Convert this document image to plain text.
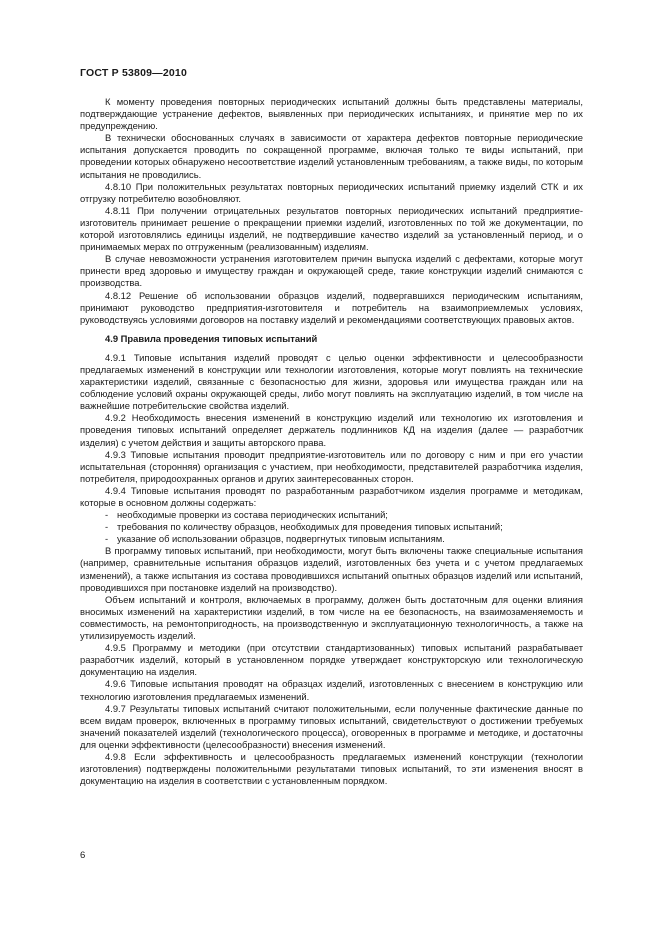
ГОСТ Р 53809—2010

К моменту проведения повторных периодических испытаний должны быть представлены материалы, подтверждающие устранение дефектов, выявленных при периодических испытаниях, и принятие мер по их предупреждению.

В технически обоснованных случаях в зависимости от характера дефектов повторные периодические испытания допускается проводить по сокращенной программе, включая только те виды испытаний, при проведении которых обнаружено несоответствие изделий установленным требованиям, а также виды, по которым испытания не проводились.

4.8.10 При положительных результатах повторных периодических испытаний приемку изделий СТК и их отгрузку потребителю возобновляют.

4.8.11 При получении отрицательных результатов повторных периодических испытаний предприятие-изготовитель принимает решение о прекращении приемки изделий, изготовленных по той же документации, по которой изготовлялись единицы изделий, не подтвердившие качество изделий за установленный период, и о принимаемых мерах по отгруженным (реализованным) изделиям.

В случае невозможности устранения изготовителем причин выпуска изделий с дефектами, которые могут принести вред здоровью и имуществу граждан и окружающей среде, такие конструкции изделий снимаются с производства.

4.8.12 Решение об использовании образцов изделий, подвергавшихся периодическим испытаниям, принимают руководство предприятия-изготовителя и потребитель на взаимоприемлемых условиях, руководствуясь условиями договоров на поставку изделий и рекомендациями соответствующих правовых актов.

4.9 Правила проведения типовых испытаний

4.9.1 Типовые испытания изделий проводят с целью оценки эффективности и целесообразности предлагаемых изменений в конструкции или технологии изготовления, которые могут повлиять на технические характеристики изделий, связанные с безопасностью для жизни, здоровья или имущества граждан или на соблюдение условий охраны окружающей среды, либо могут повлиять на эксплуатацию изделий, в том числе на важнейшие потребительские свойства изделий.

4.9.2 Необходимость внесения изменений в конструкцию изделий или технологию их изготовления и проведения типовых испытаний определяет держатель подлинников КД на изделия (далее — разработчик изделия) с учетом действия и защиты авторского права.

4.9.3 Типовые испытания проводит предприятие-изготовитель или по договору с ним и при его участии испытательная (сторонняя) организация с участием, при необходимости, представителей разработчика изделия, потребителя, природоохранных органов и других заинтересованных сторон.

4.9.4 Типовые испытания проводят по разработанным разработчиком изделия программе и методикам, которые в основном должны содержать:

- необходимые проверки из состава периодических испытаний;
- требования по количеству образцов, необходимых для проведения типовых испытаний;
- указание об использовании образцов, подвергнутых типовым испытаниям.

В программу типовых испытаний, при необходимости, могут быть включены также специальные испытания (например, сравнительные испытания образцов изделий, изготовленных без учета и с учетом предлагаемых изменений), а также испытания из состава проводившихся испытаний опытных образцов изделий или испытаний, проводившихся при постановке изделий на производство).

Объем испытаний и контроля, включаемых в программу, должен быть достаточным для оценки влияния вносимых изменений на характеристики изделий, в том числе на ее безопасность, на взаимозаменяемость и совместимость, на ремонтопригодность, на производственную и эксплуатационную технологичность, а также на утилизируемость изделий.

4.9.5 Программу и методики (при отсутствии стандартизованных) типовых испытаний разрабатывает разработчик изделий, который в установленном порядке утверждает конструкторскую или технологическую документацию на изделия.

4.9.6 Типовые испытания проводят на образцах изделий, изготовленных с внесением в конструкцию или технологию изготовления предлагаемых изменений.

4.9.7 Результаты типовых испытаний считают положительными, если полученные фактические данные по всем видам проверок, включенных в программу типовых испытаний, свидетельствуют о достижении требуемых значений показателей изделий (технологического процесса), оговоренных в программе и методике, и достаточны для оценки эффективности (целесообразности) внесения изменений.

4.9.8 Если эффективность и целесообразность предлагаемых изменений конструкции (технологии изготовления) подтверждены положительными результатами типовых испытаний, то эти изменения вносят в документацию на изделия в соответствии с установленным порядком.

6
